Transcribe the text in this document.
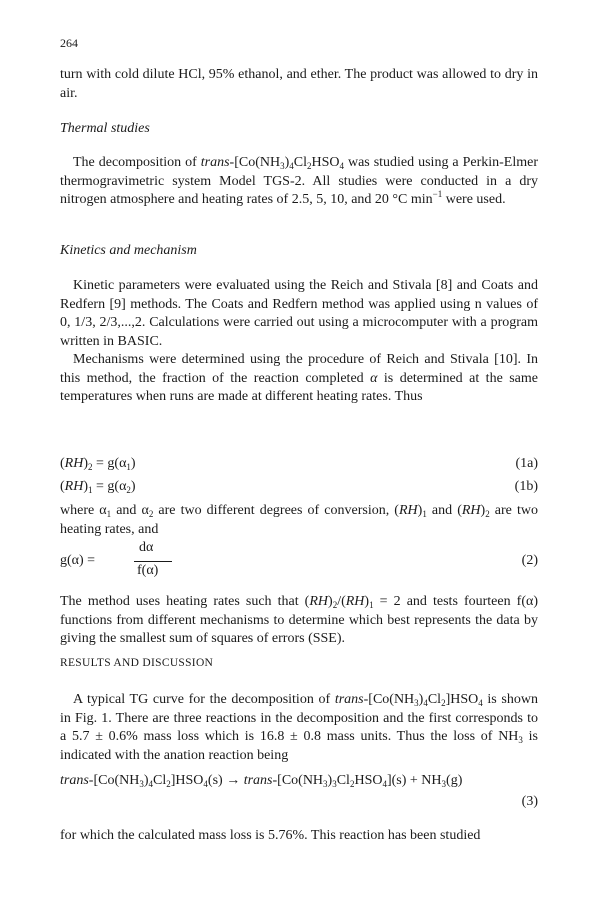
264

turn with cold dilute HCl, 95% ethanol, and ether. The product was allowed to dry in air.

Thermal studies

The decomposition of trans-[$Co(NH_3)_4Cl_2HSO_4$ was studied using a Perkin-Elmer thermogravimetric system Model TGS-2. All studies were conducted in a dry nitrogen atmosphere and heating rates of 2.5, 5, 10, and 20 °C $\min^{-1}$ were used.

Kinetics and mechanism

Kinetic parameters were evaluated using the Reich and Stivala [8] and Coats and Redfern [9] methods. The Coats and Redfern method was applied using n values of 0, 1/3, 2/3,...,2. Calculations were carried out using a microcomputer with a program written in BASIC.

Mechanisms were determined using the procedure of Reich and Stivala [10]. In this method, the fraction of the reaction completed α is determined at the same temperatures when runs are made at different heating rates. Thus

$(RH)_2 = g(\alpha_1)$	(1a)
$(RH)_1 = g(\alpha_2)$	(1b)

where $\alpha_1$ and $\alpha_2$ are two different degrees of conversion, $(RH)_1$ and $(RH)_2$ are two heating rates, and

g(α) =
dα
f(α)
(2)

The method uses heating rates such that $(RH)_2/(RH)_1 = 2$ and tests fourteen f(α) functions from different mechanisms to determine which best represents the data by giving the smallest sum of squares of errors (SSE).

RESULTS AND DISCUSSION

A typical TG curve for the decomposition of trans-$[Co(NH_3)_4Cl_2]HSO_4$ is shown in Fig. 1. There are three reactions in the decomposition and the first corresponds to a 5.7 ± 0.6% mass loss which is 16.8 ± 0.8 mass units. Thus the loss of $NH_3$ is indicated with the anation reaction being

trans-$[Co(NH_3)_4Cl_2]HSO_4(s)$ → trans-$[Co(NH_3)_3Cl_2HSO_4](s) + NH_3(g)$
(3)

for which the calculated mass loss is 5.76%. This reaction has been studied
